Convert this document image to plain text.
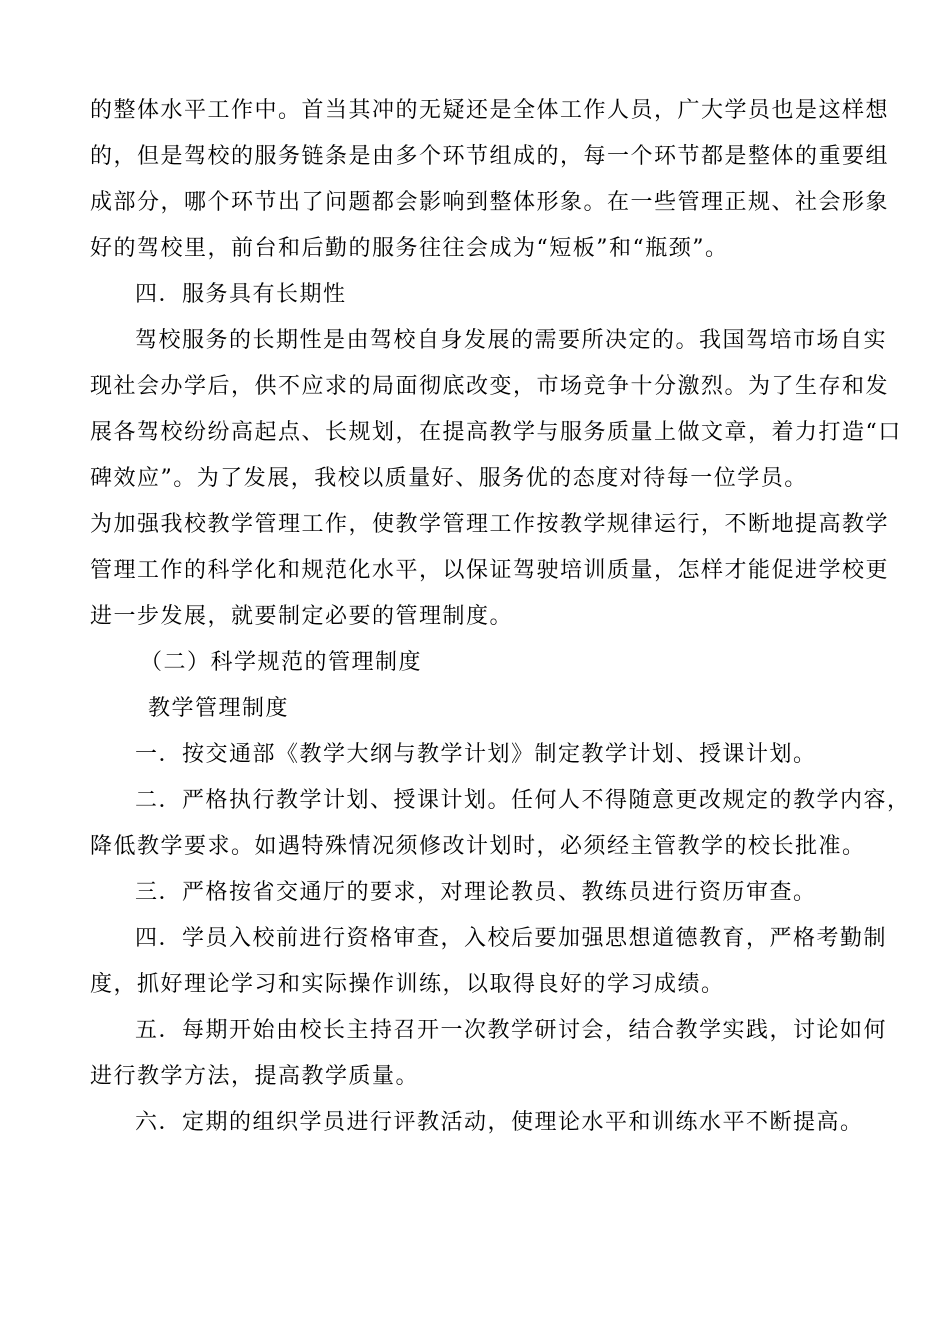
的整体水平工作中。首当其冲的无疑还是全体工作人员，广大学员也是这样想
的，但是驾校的服务链条是由多个环节组成的，每一个环节都是整体的重要组
成部分，哪个环节出了问题都会影响到整体形象。在一些管理正规、社会形象
好的驾校里，前台和后勤的服务往往会成为“短板”和“瓶颈”。
四．服务具有长期性
驾校服务的长期性是由驾校自身发展的需要所决定的。我国驾培市场自实
现社会办学后，供不应求的局面彻底改变，市场竞争十分激烈。为了生存和发
展各驾校纷纷高起点、长规划，在提高教学与服务质量上做文章，着力打造“口
碑效应”。为了发展，我校以质量好、服务优的态度对待每一位学员。
为加强我校教学管理工作，使教学管理工作按教学规律运行，不断地提高教学
管理工作的科学化和规范化水平，以保证驾驶培训质量，怎样才能促进学校更
进一步发展，就要制定必要的管理制度。
（二）科学规范的管理制度
教学管理制度
一．按交通部《教学大纲与教学计划》制定教学计划、授课计划。
二．严格执行教学计划、授课计划。任何人不得随意更改规定的教学内容，
降低教学要求。如遇特殊情况须修改计划时，必须经主管教学的校长批准。
三．严格按省交通厅的要求，对理论教员、教练员进行资历审查。
四．学员入校前进行资格审查，入校后要加强思想道德教育，严格考勤制
度，抓好理论学习和实际操作训练，以取得良好的学习成绩。
五．每期开始由校长主持召开一次教学研讨会，结合教学实践，讨论如何
进行教学方法，提高教学质量。
六．定期的组织学员进行评教活动，使理论水平和训练水平不断提高。
